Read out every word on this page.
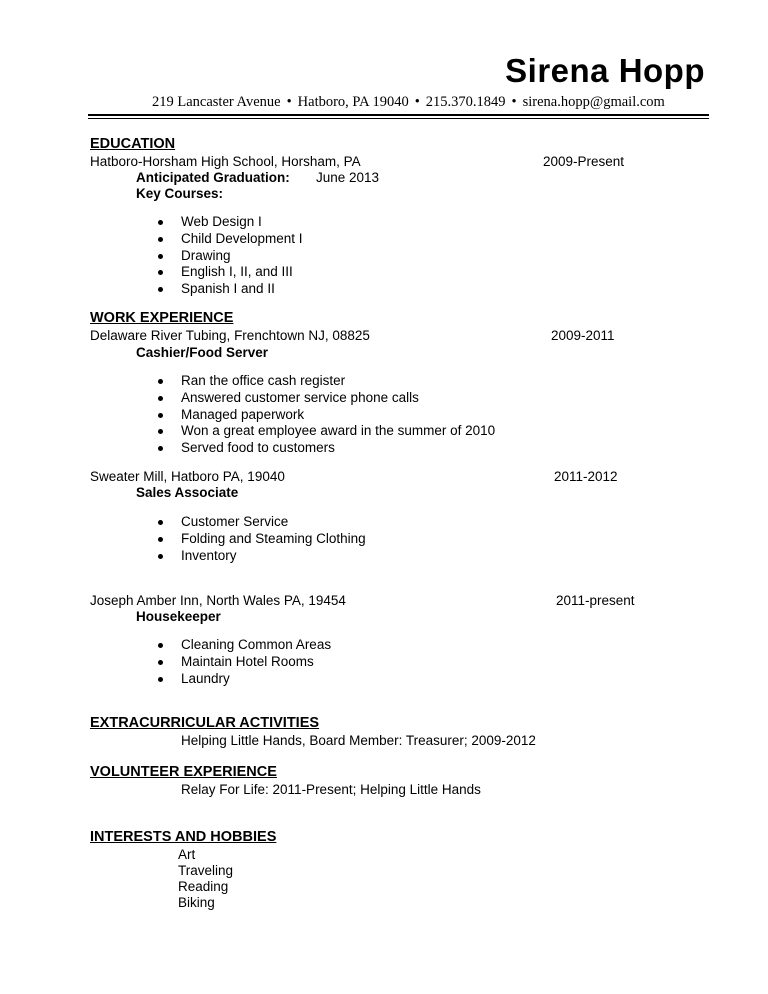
Sirena Hopp
219 Lancaster Avenue • Hatboro, PA 19040 • 215.370.1849 • sirena.hopp@gmail.com
EDUCATION
Hatboro-Horsham High School, Horsham, PA	2009-Present
Anticipated Graduation: June 2013
Key Courses:
Web Design I
Child Development I
Drawing
English I, II, and III
Spanish I and II
WORK EXPERIENCE
Delaware River Tubing, Frenchtown NJ, 08825	2009-2011
Cashier/Food Server
Ran the office cash register
Answered customer service phone calls
Managed paperwork
Won a great employee award in the summer of 2010
Served food to customers
Sweater Mill, Hatboro PA, 19040	2011-2012
Sales Associate
Customer Service
Folding and Steaming Clothing
Inventory
Joseph Amber Inn, North Wales PA, 19454	2011-present
Housekeeper
Cleaning Common Areas
Maintain Hotel Rooms
Laundry
EXTRACURRICULAR ACTIVITIES
Helping Little Hands, Board Member: Treasurer; 2009-2012
VOLUNTEER EXPERIENCE
Relay For Life: 2011-Present; Helping Little Hands
INTERESTS AND HOBBIES
Art
Traveling
Reading
Biking
